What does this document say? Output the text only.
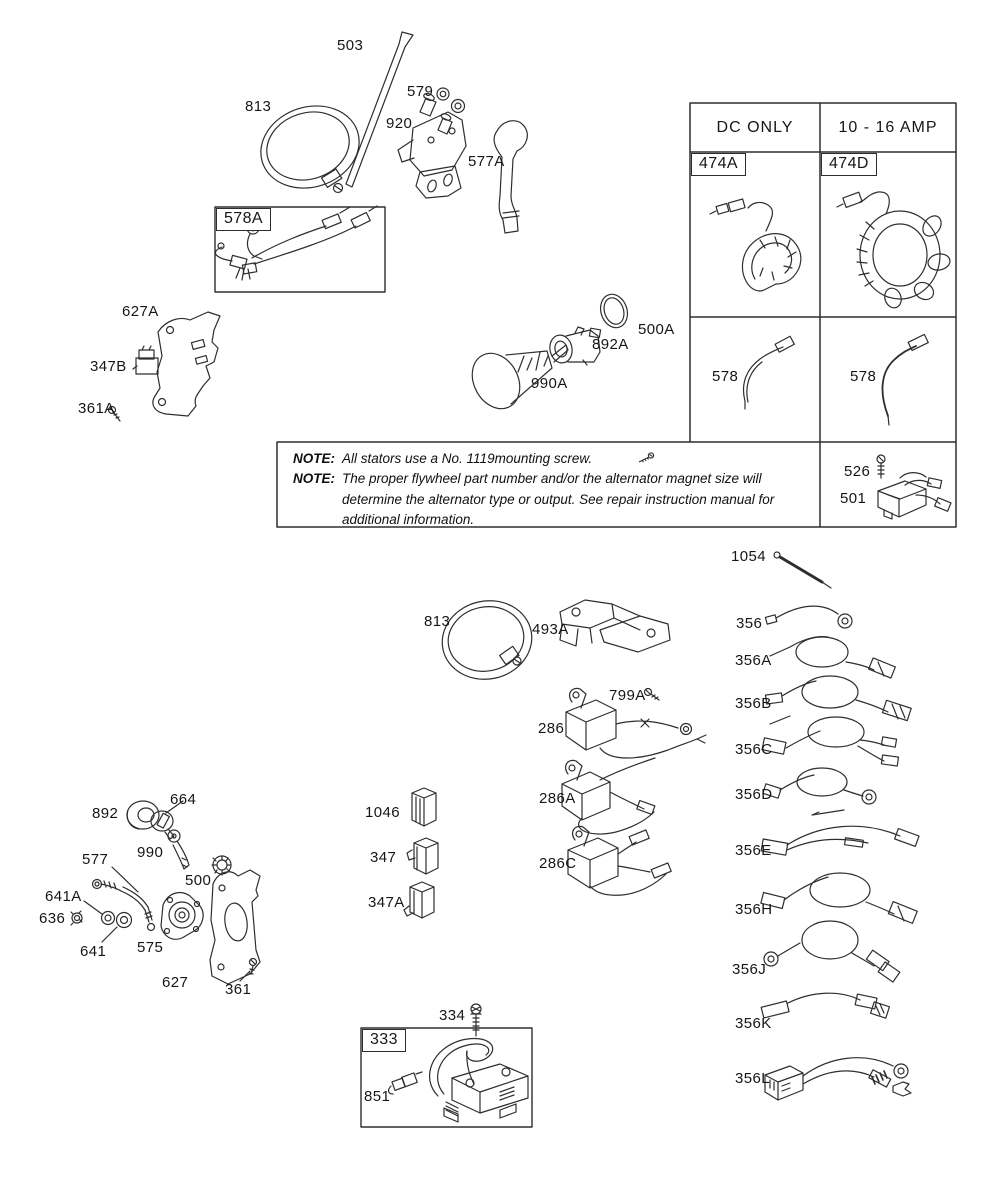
503
813
579
920
577A
578A
627A
347B
361A
500A
892A
990A
DC ONLY	10 - 16 AMP
474A	474D
578	578
526
501
NOTE: All stators use a No. 1119mounting screw.
NOTE: The proper flywheel part number and/or the alternator magnet size will determine the alternator type or output. See repair instruction manual for additional information.
1054
813	493A	356
356A
356B
356C
356D
356E
356H
356J
356K
356L
799A
286
286A
286C
1046
347
347A
664
892
990
577
500
641A
636
641 575
627 361
334
333
851
